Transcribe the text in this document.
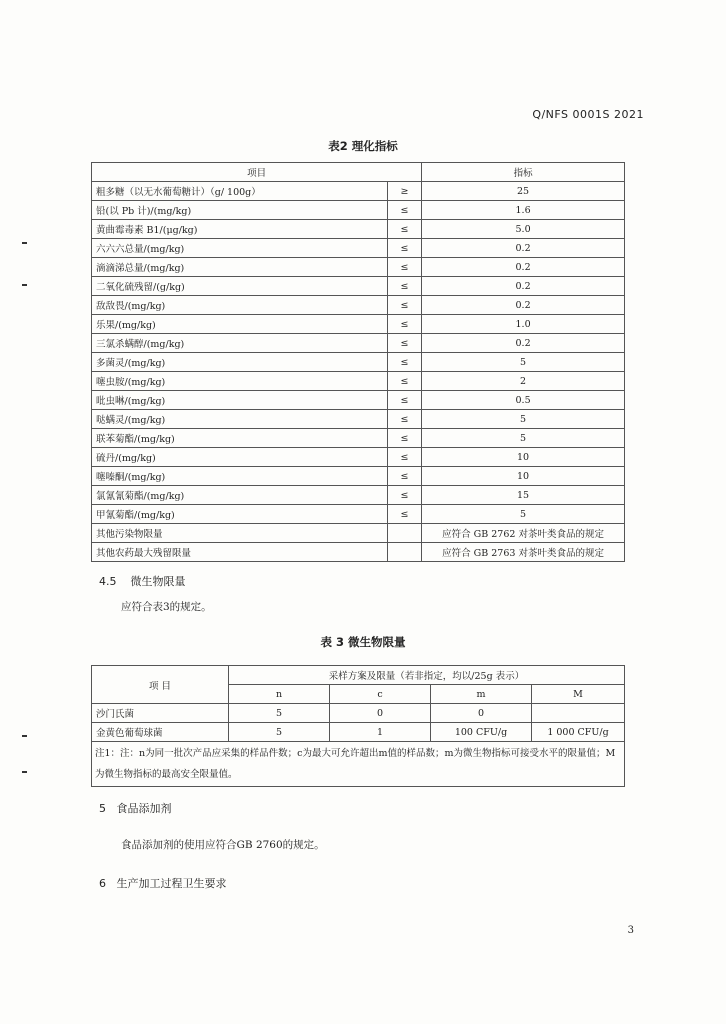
Q/NFS 0001S 2021
表2 理化指标
项目		指标
粗多糖（以无水葡萄糖计）（g/ 100g）	≥	25
铅(以 Pb 计)/(mg/kg)	≤	1.6
黄曲霉毒素 B1/(μg/kg)	≤	5.0
六六六总量/(mg/kg)	≤	0.2
滴滴涕总量/(mg/kg)	≤	0.2
二氧化硫残留/(g/kg)	≤	0.2
敌敌畏/(mg/kg)	≤	0.2
乐果/(mg/kg)	≤	1.0
三氯杀螨醇/(mg/kg)	≤	0.2
多菌灵/(mg/kg)	≤	5
噻虫胺/(mg/kg)	≤	2
吡虫啉/(mg/kg)	≤	0.5
哒螨灵/(mg/kg)	≤	5
联苯菊酯/(mg/kg)	≤	5
硫丹/(mg/kg)	≤	10
噻嗪酮/(mg/kg)	≤	10
氯氰氰菊酯/(mg/kg)	≤	15
甲氰菊酯/(mg/kg)	≤	5
其他污染物限量		应符合 GB 2762 对茶叶类食品的规定
其他农药最大残留限量		应符合 GB 2763 对茶叶类食品的规定
4.5 微生物限量
应符合表3的规定。
表 3 微生物限量
项 目	采样方案及限量（若非指定，均以/25g 表示）			
	n	c	m	M
沙门氏菌	5	0	0	
金黄色葡萄球菌	5	1	100 CFU/g	1 000 CFU/g
注1：注：n为同一批次产品应采集的样品件数；c为最大可允许超出m值的样品数；m为微生物指标可接受水平的限量值；M为微生物指标的最高安全限量值。				
5 食品添加剂
食品添加剂的使用应符合GB 2760的规定。
6 生产加工过程卫生要求
3
